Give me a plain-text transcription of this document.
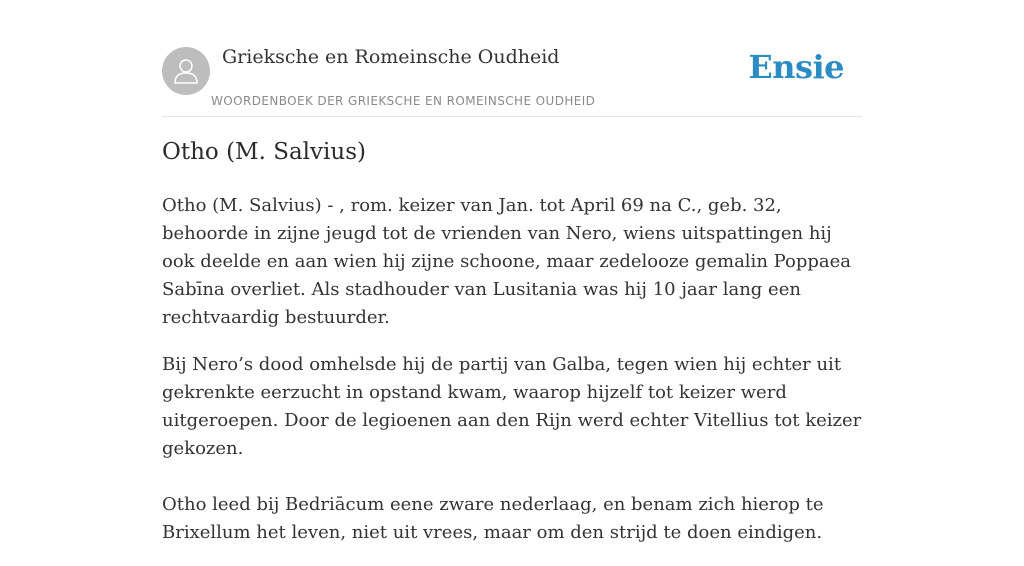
Grieksche en Romeinsche Oudheid
WOORDENBOEK DER GRIEKSCHE EN ROMEINSCHE OUDHEID
Ensie
Otho (M. Salvius)

Otho (M. Salvius) - , rom. keizer van Jan. tot April 69 na C., geb. 32, behoorde in zijne jeugd tot de vrienden van Nero, wiens uitspattingen hij ook deelde en aan wien hij zijne schoone, maar zedelooze gemalin Poppaea Sabīna overliet. Als stadhouder van Lusitania was hij 10 jaar lang een rechtvaardig bestuurder.

Bij Nero’s dood omhelsde hij de partij van Galba, tegen wien hij echter uit gekrenkte eerzucht in opstand kwam, waarop hijzelf tot keizer werd uitgeroepen. Door de legioenen aan den Rijn werd echter Vitellius tot keizer gekozen.

Otho leed bij Bedriācum eene zware nederlaag, en benam zich hierop te Brixellum het leven, niet uit vrees, maar om den strijd te doen eindigen.
